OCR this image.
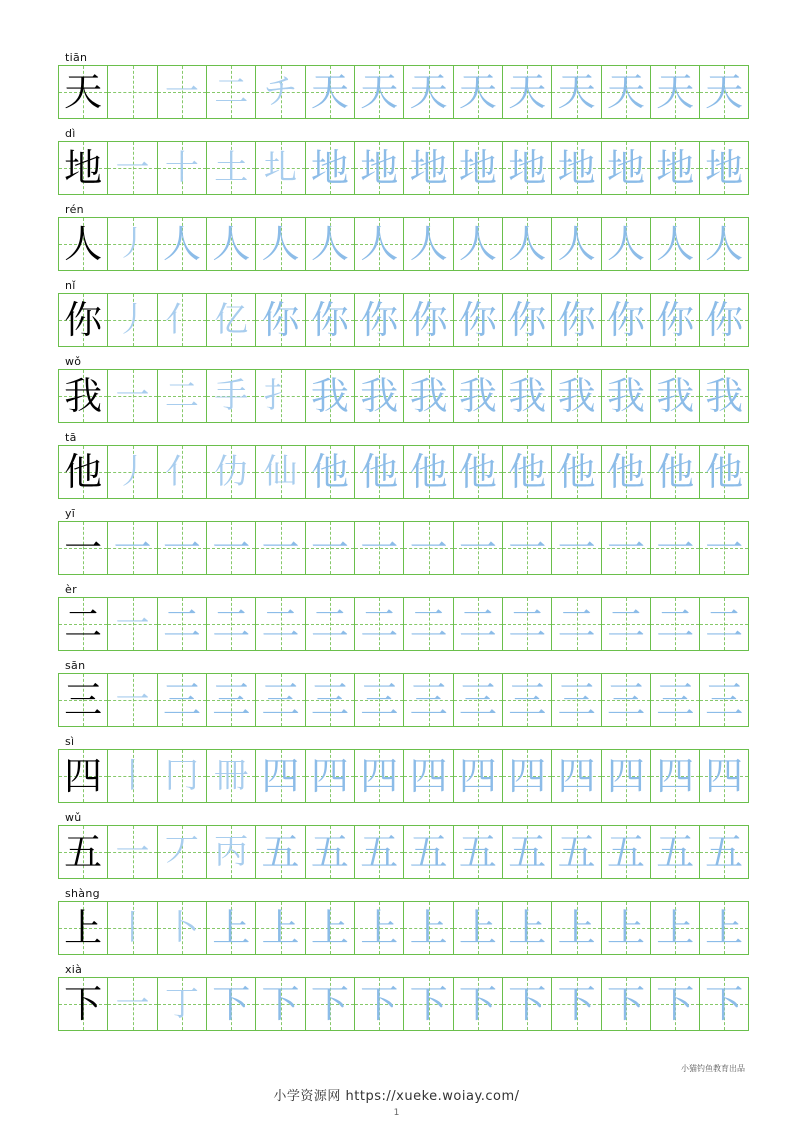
tiān
天 一 二 チ 天 天 天 天 天 天 天 天 天
dì
地 一 十 土 圠 地 地 地 地 地 地 地 地 地
rén
人 丿 人 人 人 人 人 人 人 人 人 人 人 人
nǐ
你 丿 亻 亿 你 你 你 你 你 你 你 你 你 你
wǒ
我 一 二 手 扌 我 我 我 我 我 我 我 我 我
tā
他 丿 亻 仂 仙 他 他 他 他 他 他 他 他 他
yī
一 一 一 一 一 一 一 一 一 一 一 一 一 一
èr
二 一 二 二 二 二 二 二 二 二 二 二 二 二
sān
三 一 三 三 三 三 三 三 三 三 三 三 三 三
sì
四 丨 冂 冊 四 四 四 四 四 四 四 四 四 四
wǔ
五 一 丆 丙 五 五 五 五 五 五 五 五 五 五
shàng
上 丨 卜 上 上 上 上 上 上 上 上 上 上 上
xià
下 一 丁 下 下 下 下 下 下 下 下 下 下 下
小猫钓鱼教育出品
小学资源网 https://xueke.woiay.com/
1
